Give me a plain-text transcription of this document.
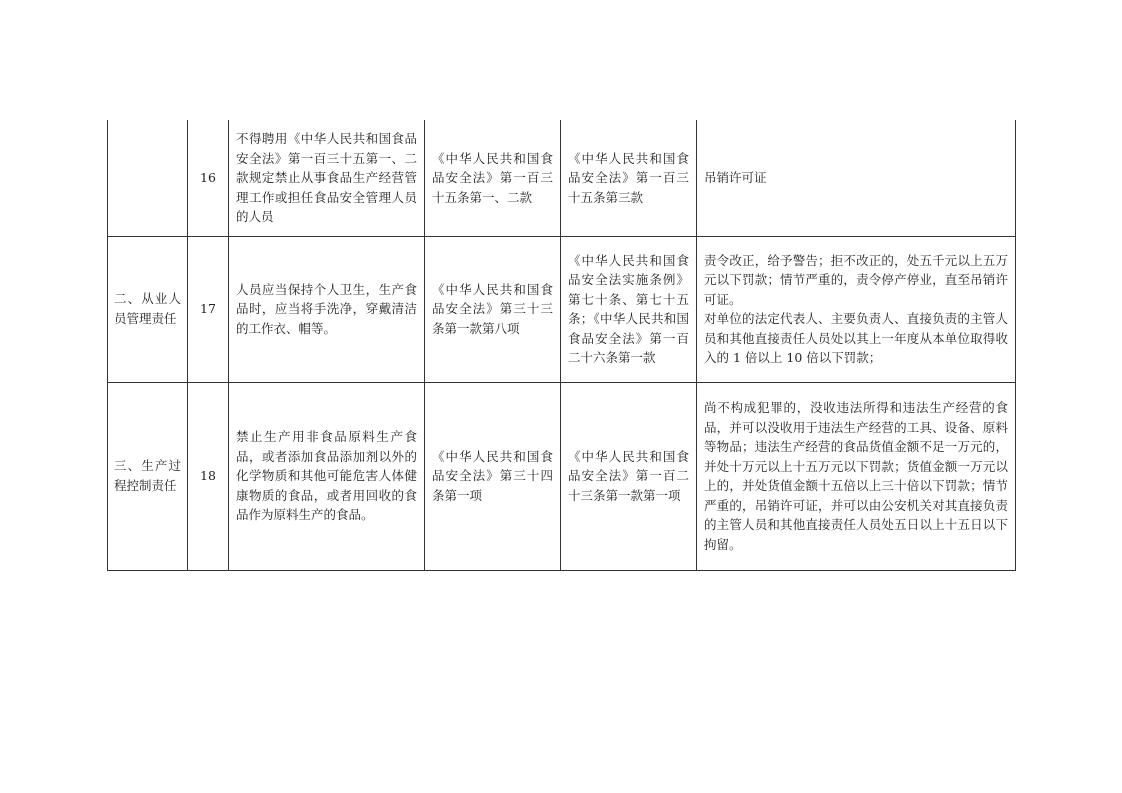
	16	不得聘用《中华人民共和国食品安全法》第一百三十五第一、二款规定禁止从事食品生产经营管理工作或担任食品安全管理人员的人员	《中华人民共和国食品安全法》第一百三十五条第一、二款	《中华人民共和国食品安全法》第一百三十五条第三款	吊销许可证

二、从业人员管理责任	17	人员应当保持个人卫生，生产食品时，应当将手洗净，穿戴清洁的工作衣、帽等。	《中华人民共和国食品安全法》第三十三条第一款第八项	《中华人民共和国食品安全法实施条例》第七十条、第七十五条；《中华人民共和国食品安全法》第一百二十六条第一款	责令改正，给予警告；拒不改正的，处五千元以上五万元以下罚款；情节严重的，责令停产停业，直至吊销许可证。
对单位的法定代表人、主要负责人、直接负责的主管人员和其他直接责任人员处以其上一年度从本单位取得收入的 1 倍以上 10 倍以下罚款；

三、生产过程控制责任	18	禁止生产用非食品原料生产食品，或者添加食品添加剂以外的化学物质和其他可能危害人体健康物质的食品，或者用回收的食品作为原料生产的食品。	《中华人民共和国食品安全法》第三十四条第一项	《中华人民共和国食品安全法》第一百二十三条第一款第一项	尚不构成犯罪的，没收违法所得和违法生产经营的食品，并可以没收用于违法生产经营的工具、设备、原料等物品；违法生产经营的食品货值金额不足一万元的，并处十万元以上十五万元以下罚款；货值金额一万元以上的，并处货值金额十五倍以上三十倍以下罚款；情节严重的，吊销许可证，并可以由公安机关对其直接负责的主管人员和其他直接责任人员处五日以上十五日以下拘留。
